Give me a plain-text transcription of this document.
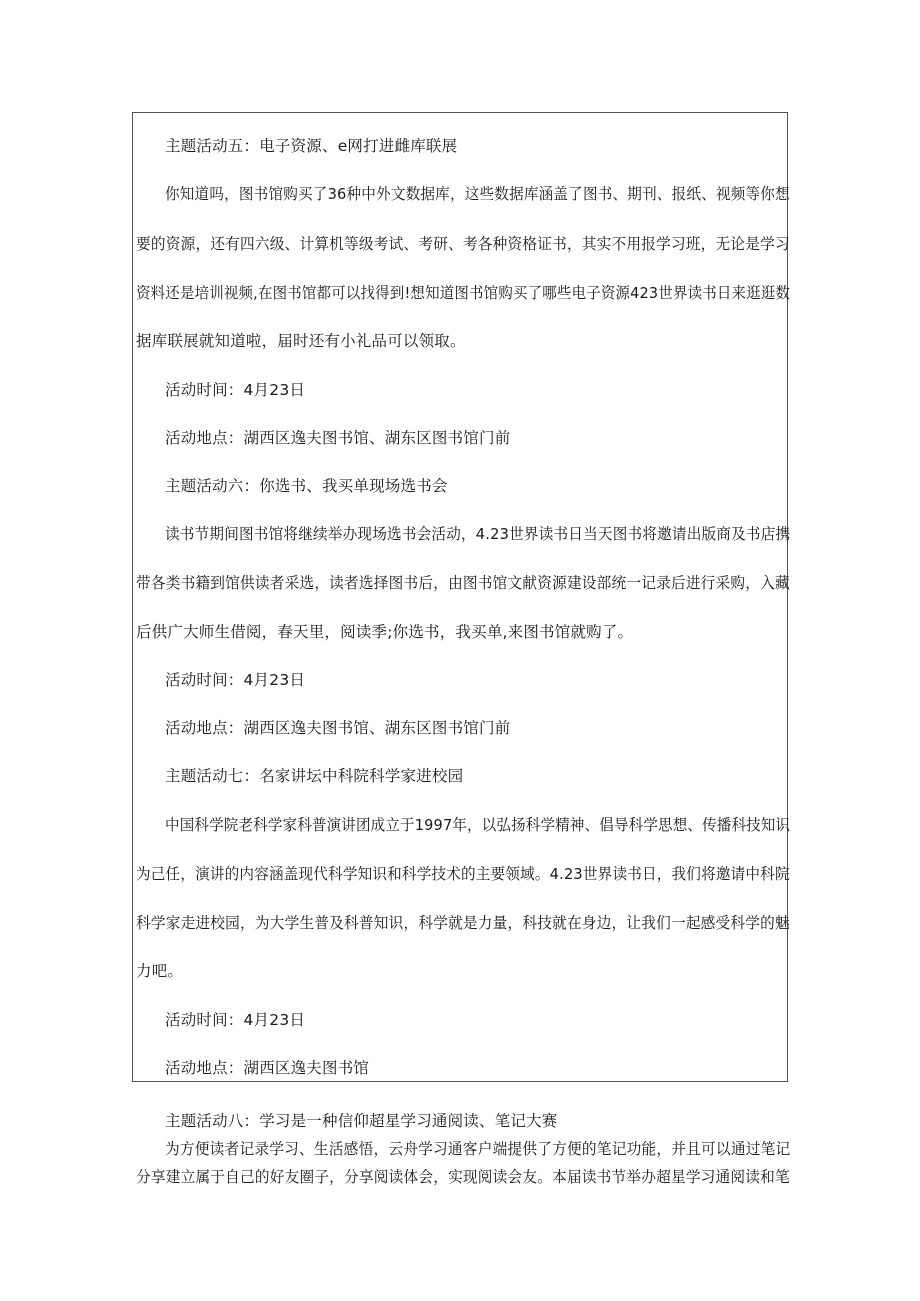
主题活动五：电子资源、e网打进雌库联展
你知道吗，图书馆购买了36种中外文数据库，这些数据库涵盖了图书、期刊、报纸、视频等你想
要的资源，还有四六级、计算机等级考试、考研、考各种资格证书，其实不用报学习班，无论是学习
资料还是培训视频,在图书馆都可以找得到!想知道图书馆购买了哪些电子资源423世界读书日来逛逛数
据库联展就知道啦，届时还有小礼品可以领取。
活动时间：4月23日
活动地点：湖西区逸夫图书馆、湖东区图书馆门前
主题活动六：你选书、我买单现场选书会
读书节期间图书馆将继续举办现场选书会活动，4.23世界读书日当天图书将邀请出版商及书店携
带各类书籍到馆供读者采选，读者选择图书后，由图书馆文献资源建设部统一记录后进行采购，入藏
后供广大师生借阅，春天里，阅读季;你选书，我买单,来图书馆就购了。
活动时间：4月23日
活动地点：湖西区逸夫图书馆、湖东区图书馆门前
主题活动七：名家讲坛中科院科学家进校园
中国科学院老科学家科普演讲团成立于1997年，以弘扬科学精神、倡导科学思想、传播科技知识
为己任，演讲的内容涵盖现代科学知识和科学技术的主要领域。4.23世界读书日，我们将邀请中科院
科学家走进校园，为大学生普及科普知识，科学就是力量，科技就在身边，让我们一起感受科学的魅
力吧。
活动时间：4月23日
活动地点：湖西区逸夫图书馆
主题活动八：学习是一种信仰超星学习通阅读、笔记大赛
为方便读者记录学习、生活感悟，云舟学习通客户端提供了方便的笔记功能，并且可以通过笔记
分享建立属于自己的好友圈子，分享阅读体会，实现阅读会友。本届读书节举办超星学习通阅读和笔
